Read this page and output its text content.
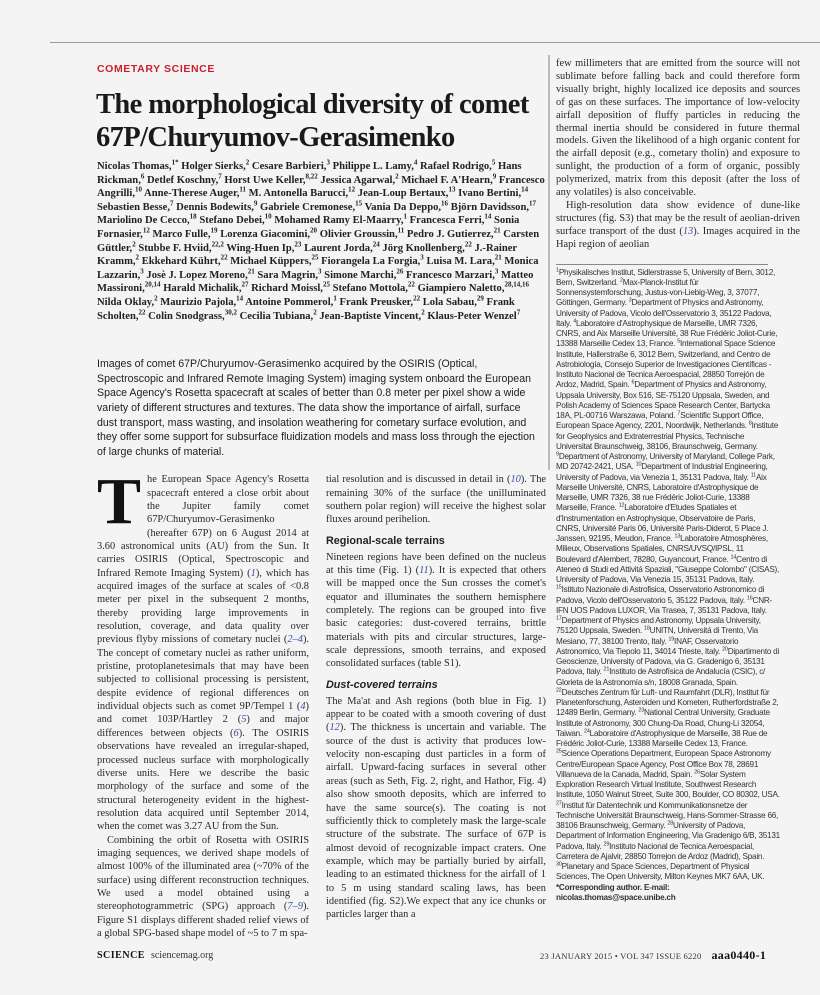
COMETARY SCIENCE
The morphological diversity of comet 67P/Churyumov-Gerasimenko
Nicolas Thomas,$^{1*}$ Holger Sierks,$^2$ Cesare Barbieri,$^3$ Philippe L. Lamy,$^4$ Rafael Rodrigo,$^5$ Hans Rickman,$^6$ Detlef Koschny,$^7$ Horst Uwe Keller,$^{8,22}$ Jessica Agarwal,$^2$ Michael F. A'Hearn,$^9$ Francesco Angrilli,$^{10}$ Anne-Therese Auger,$^{11}$ M. Antonella Barucci,$^{12}$ Jean-Loup Bertaux,$^{13}$ Ivano Bertini,$^{14}$ Sebastien Besse,$^7$ Dennis Bodewits,$^9$ Gabriele Cremonese,$^{15}$ Vania Da Deppo,$^{16}$ Björn Davidsson,$^{17}$ Mariolino De Cecco,$^{18}$ Stefano Debei,$^{10}$ Mohamed Ramy El-Maarry,$^1$ Francesca Ferri,$^{14}$ Sonia Fornasier,$^{12}$ Marco Fulle,$^{19}$ Lorenza Giacomini,$^{20}$ Olivier Groussin,$^{11}$ Pedro J. Gutierrez,$^{21}$ Carsten Güttler,$^2$ Stubbe F. Hviid,$^{22,2}$ Wing-Huen Ip,$^{23}$ Laurent Jorda,$^{24}$ Jörg Knollenberg,$^{22}$ J.-Rainer Kramm,$^2$ Ekkehard Kührt,$^{22}$ Michael Küppers,$^{25}$ Fiorangela La Forgia,$^3$ Luisa M. Lara,$^{21}$ Monica Lazzarin,$^3$ Josè J. Lopez Moreno,$^{21}$ Sara Magrin,$^3$ Simone Marchi,$^{26}$ Francesco Marzari,$^3$ Matteo Massironi,$^{20,14}$ Harald Michalik,$^{27}$ Richard Moissl,$^{25}$ Stefano Mottola,$^{22}$ Giampiero Naletto,$^{28,14,16}$ Nilda Oklay,$^2$ Maurizio Pajola,$^{14}$ Antoine Pommerol,$^1$ Frank Preusker,$^{22}$ Lola Sabau,$^{29}$ Frank Scholten,$^{22}$ Colin Snodgrass,$^{30,2}$ Cecilia Tubiana,$^2$ Jean-Baptiste Vincent,$^2$ Klaus-Peter Wenzel$^7$
Images of comet 67P/Churyumov-Gerasimenko acquired by the OSIRIS (Optical, Spectroscopic and Infrared Remote Imaging System) imaging system onboard the European Space Agency's Rosetta spacecraft at scales of better than 0.8 meter per pixel show a wide variety of different structures and textures. The data show the importance of airfall, surface dust transport, mass wasting, and insolation weathering for cometary surface evolution, and they offer some support for subsurface fluidization models and mass loss through the ejection of large chunks of material.
T he European Space Agency's Rosetta spacecraft entered a close orbit about the Jupiter family comet 67P/Churyumov-Gerasimenko (hereafter 67P) on 6 August 2014 at 3.60 astronomical units (AU) from the Sun. It carries OSIRIS (Optical, Spectroscopic and Infrared Remote Imaging System) (1), which has acquired images of the surface at scales of <0.8 meter per pixel in the subsequent 2 months, thereby providing large improvements in resolution, coverage, and data quality over previous flyby missions of cometary nuclei (2–4). The concept of cometary nuclei as rather uniform, pristine, protoplanetesimals that may have been subjected to collisional processing is persistent, despite evidence of regional differences on individual objects such as comet 9P/Tempel 1 (4) and comet 103P/Hartley 2 (5) and major differences between objects (6). The OSIRIS observations have revealed an irregular-shaped, processed nucleus surface with morphologically diverse units. Here we describe the basic morphology of the surface and some of the structural heterogeneity evident in the highest-resolution data acquired until September 2014, when the comet was 3.27 AU from the Sun.

Combining the orbit of Rosetta with OSIRIS imaging sequences, we derived shape models of almost 100% of the illuminated area (~70% of the surface) using different reconstruction techniques. We used a model obtained using a stereophotogrammetric (SPG) approach (7–9). Figure S1 displays different shaded relief views of a global SPG-based shape model of ~5 to 7 m spa-

tial resolution and is discussed in detail in (10). The remaining 30% of the surface (the unilluminated southern polar region) will receive the highest solar fluxes around perihelion.

Regional-scale terrains

Nineteen regions have been defined on the nucleus at this time (Fig. 1) (11). It is expected that others will be mapped once the Sun crosses the comet's equator and illuminates the southern hemisphere completely. The regions can be grouped into five basic categories: dust-covered terrains, brittle materials with pits and circular structures, large-scale depressions, smooth terrains, and exposed consolidated surfaces (table S1).

Dust-covered terrains

The Ma'at and Ash regions (both blue in Fig. 1) appear to be coated with a smooth covering of dust (12). The thickness is uncertain and variable. The source of the dust is activity that produces low-velocity non-escaping dust particles in a form of airfall. Upward-facing surfaces in several other areas (such as Seth, Fig. 2, right, and Hathor, Fig. 4) also show smooth deposits, which are inferred to have the same source(s). The coating is not sufficiently thick to completely mask the large-scale structure of the substrate. The surface of 67P is almost devoid of recognizable impact craters. One example, which may be partially buried by airfall, leading to an estimated thickness for the airfall of 1 to 5 m using standard scaling laws, has been identified (fig. S2).We expect that any ice chunks or particles larger than a

few millimeters that are emitted from the source will not sublimate before falling back and could therefore form visually bright, highly localized ice deposits and sources of gas on these surfaces. The importance of low-velocity airfall deposition of fluffy particles in reducing the thermal inertia should be considered in future thermal models. Given the likelihood of a high organic content for the airfall deposit (e.g., cometary tholin) and exposure to sunlight, the production of a form of organic, possibly polymerized, matrix from this deposit (after the loss of any volatiles) is also conceivable.

High-resolution data show evidence of dune-like structures (fig. S3) that may be the result of aeolian-driven surface transport of the dust (13). Images acquired in the Hapi region of aeolian

$^1$Physikalisches Institut, Sidlerstrasse 5, University of Bern, 3012, Bern, Switzerland. $^2$Max-Planck-Institut für Sonnensystemforschung, Justus-von-Liebig-Weg, 3, 37077, Göttingen, Germany. $^3$Department of Physics and Astronomy, University of Padova, Vicolo dell'Osservatorio 3, 35122 Padova, Italy. $^4$Laboratoire d'Astrophysique de Marseille, UMR 7326, CNRS, and Aix Marseille Université, 38 Rue Frédéric Joliot-Curie, 13388 Marseille Cedex 13, France. $^5$International Space Science Institute, Hallerstraße 6, 3012 Bern, Switzerland, and Centro de Astrobiología, Consejo Superior de Investigaciones Científicas - Instituto Nacional de Tecnica Aeroespacial, 28850 Torrejón de Ardoz, Madrid, Spain. $^6$Department of Physics and Astronomy, Uppsala University, Box 516, SE-75120 Uppsala, Sweden, and Polish Academy of Sciences Space Research Center, Bartycka 18A, PL-00716 Warszawa, Poland. $^7$Scientific Support Office, European Space Agency, 2201, Noordwijk, Netherlands. $^8$Institute for Geophysics and Extraterrestrial Physics, Technische Universitat Braunschweig, 38106, Braunschweig, Germany. $^9$Department of Astronomy, University of Maryland, College Park, MD 20742-2421, USA. $^{10}$Department of Industrial Engineering, University of Padova, via Venezia 1, 35131 Padova, Italy. $^{11}$Aix Marseille Université, CNRS, Laboratoire d'Astrophysique de Marseille, UMR 7326, 38 rue Frédéric Joliot-Curie, 13388 Marseille, France. $^{12}$Laboratoire d'Etudes Spatiales et d'Instrumentation en Astrophysique, Observatoire de Paris, CNRS, Université Paris 06, Université Paris-Diderot, 5 Place J. Janssen, 92195, Meudon, France. $^{13}$Laboratoire Atmosphères, Milieux, Observations Spatiales, CNRS/UVSQ/IPSL, 11 Boulevard d'Alembert, 78280, Guyancourt, France. $^{14}$Centro di Ateneo di Studi ed Attivitá Spaziali, "Giuseppe Colombo" (CISAS), University of Padova, Via Venezia 15, 35131 Padova, Italy. $^{15}$Istituto Nazionale di Astrofisica, Osservatorio Astronomico di Padova, Vicolo dell'Osservatorio 5, 35122 Padova, Italy. $^{16}$CNR-IFN UOS Padova LUXOR, Via Trasea, 7, 35131 Padova, Italy. $^{17}$Department of Physics and Astronomy, Uppsala University, 75120 Uppsala, Sweden. $^{18}$UNITN, Universitá di Trento, Via Mesiano, 77, 38100 Trento, Italy. $^{19}$INAF, Osservatorio Astronomico, Via Tiepolo 11, 34014 Trieste, Italy. $^{20}$Dipartimento di Geoscienze, University of Padova, via G. Gradenigo 6, 35131 Padova, Italy. $^{21}$Instituto de Astrofísica de Andalucía (CSIC), c/ Glorieta de la Astronomía s/n, 18008 Granada, Spain. $^{22}$Deutsches Zentrum für Luft- und Raumfahrt (DLR), Institut für Planetenforschung, Asteroiden und Kometen, Rutherfordstraße 2, 12489 Berlin, Germany. $^{23}$National Central University, Graduate Institute of Astronomy, 300 Chung-Da Road, Chung-Li 32054, Taiwan. $^{24}$Laboratoire d'Astrophysique de Marseille, 38 Rue de Frédéric Joliot-Curie, 13388 Marseille Cedex 13, France. $^{25}$Science Operations Department, European Space Astronomy Centre/European Space Agency, Post Office Box 78, 28691 Villanueva de la Canada, Madrid, Spain. $^{26}$Solar System Exploration Research Virtual Institute, Southwest Research Institute, 1050 Walnut Street, Suite 300, Boulder, CO 80302, USA. $^{27}$Institut für Datentechnik und Kommunikationsnetze der Technische Universität Braunschweig, Hans-Sommer-Strasse 66, 38106 Braunschweig, Germany. $^{28}$University of Padova, Department of Information Engineering, Via Gradenigo 6/B, 35131 Padova, Italy. $^{29}$Instituto Nacional de Tecnica Aeroespacial, Carretera de Ajalvir, 28850 Torrejon de Ardoz (Madrid), Spain. $^{30}$Planetary and Space Sciences, Department of Physical Sciences, The Open University, Milton Keynes MK7 6AA, UK.
*Corresponding author. E-mail: nicolas.thomas@space.unibe.ch
SCIENCE sciencemag.org	23 JANUARY 2015 • VOL 347 ISSUE 6220 aaa0440-1
